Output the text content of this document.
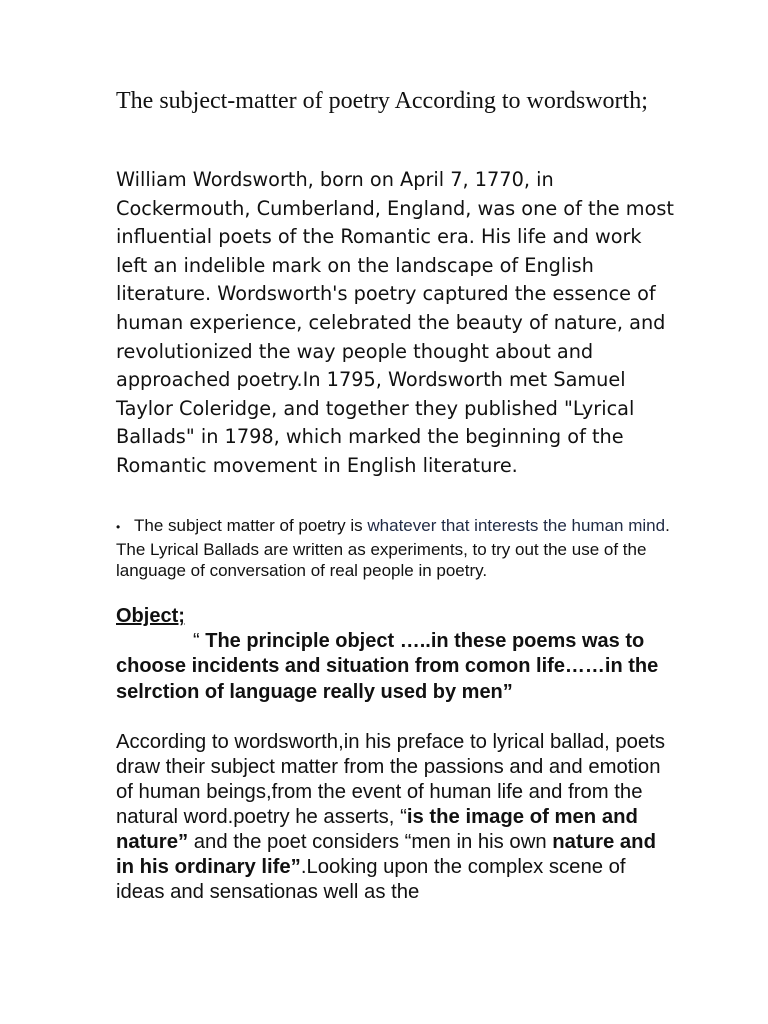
The subject-matter of poetry According to wordsworth;

William Wordsworth, born on April 7, 1770, in Cockermouth, Cumberland, England, was one of the most influential poets of the Romantic era. His life and work left an indelible mark on the landscape of English literature. Wordsworth's poetry captured the essence of human experience, celebrated the beauty of nature, and revolutionized the way people thought about and approached poetry.In 1795, Wordsworth met Samuel Taylor Coleridge, and together they published "Lyrical Ballads" in 1798, which marked the beginning of the Romantic movement in English literature.

• The subject matter of poetry is whatever that interests the human mind. The Lyrical Ballads are written as experiments, to try out the use of the language of conversation of real people in poetry.

Object;

“ The principle object …..in these poems was to choose incidents and situation from comon life……in the selrction of language really used by men”

According to wordsworth,in his preface to lyrical ballad, poets draw their subject matter from the passions and and emotion of human beings,from the event of human life and from the natural word.poetry he asserts, “is the image of men and nature” and the poet considers “men in his own nature and in his ordinary life”.Looking upon the complex scene of ideas and sensationas well as the
